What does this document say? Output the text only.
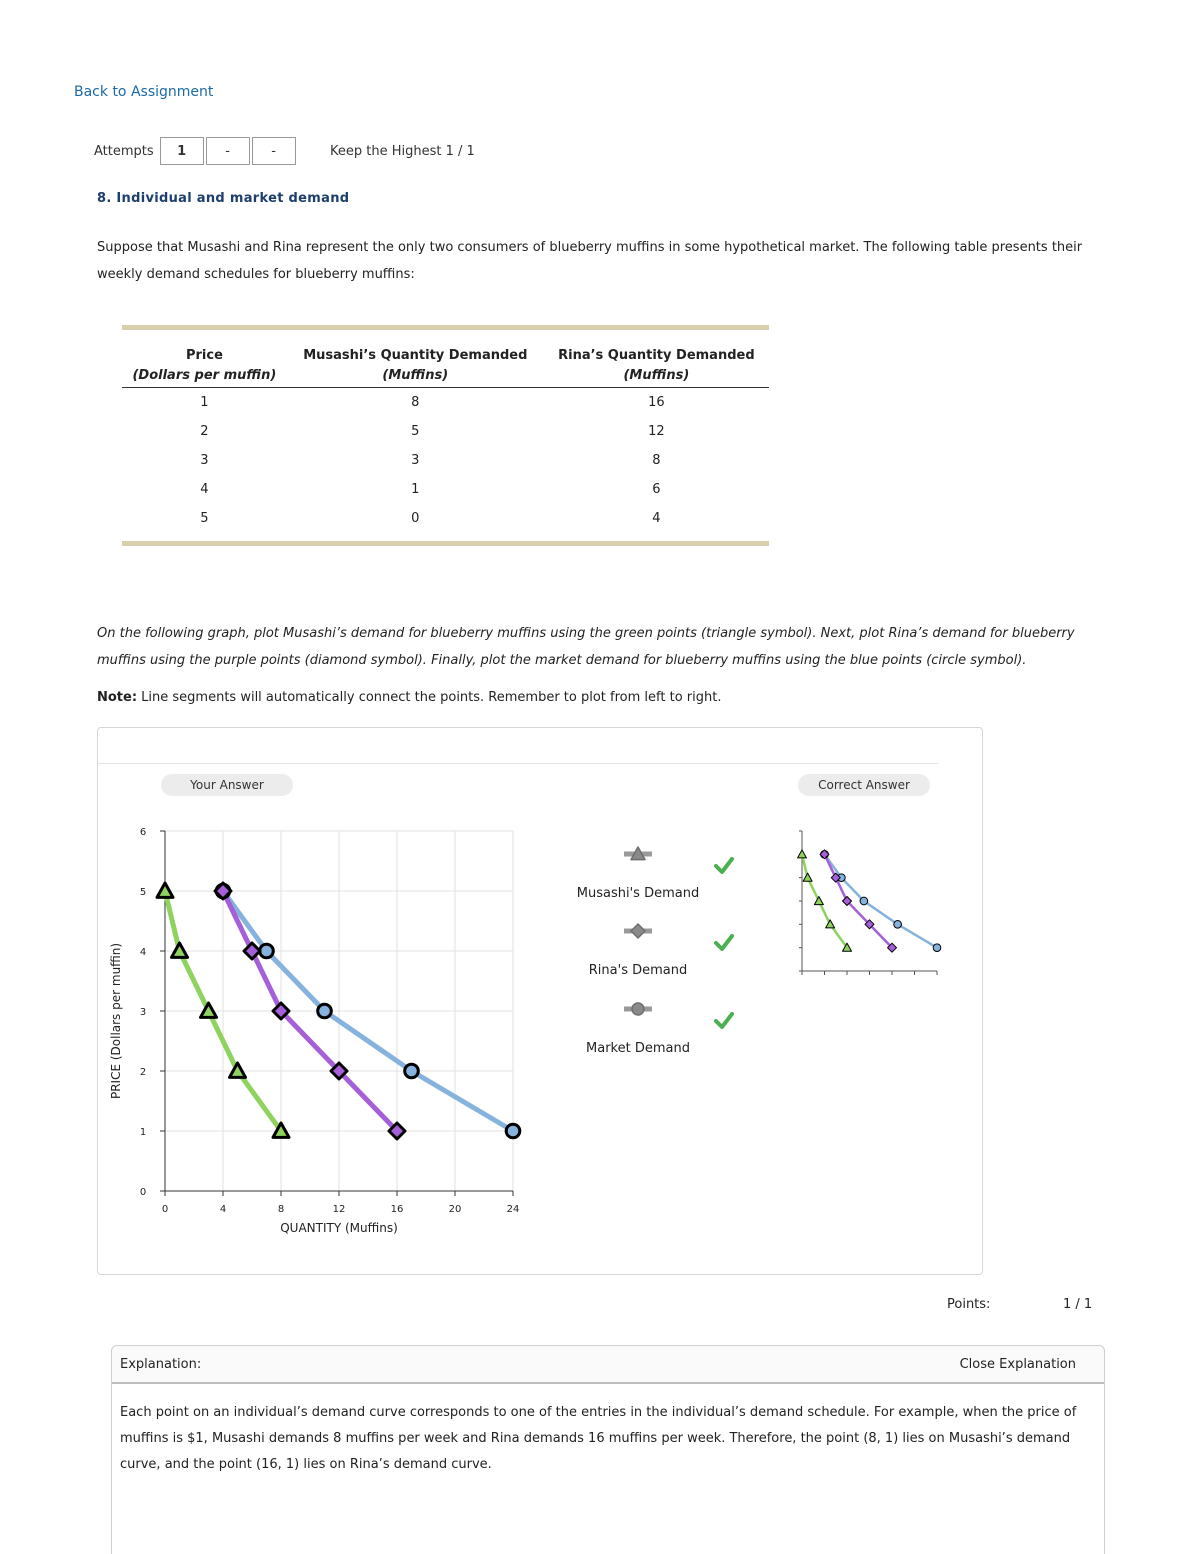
Back to Assignment
Attempts	1	-	-	Keep the Highest 1 / 1
8. Individual and market demand
Suppose that Musashi and Rina represent the only two consumers of blueberry muffins in some hypothetical market. The following table presents their weekly demand schedules for blueberry muffins:

Price	Musashi’s Quantity Demanded	Rina’s Quantity Demanded
(Dollars per muffin)	(Muffins)	(Muffins)
1	8	16
2	5	12
3	3	8
4	1	6
5	0	4

On the following graph, plot Musashi’s demand for blueberry muffins using the green points (triangle symbol). Next, plot Rina’s demand for blueberry muffins using the purple points (diamond symbol). Finally, plot the market demand for blueberry muffins using the blue points (circle symbol).
Note: Line segments will automatically connect the points. Remember to plot from left to right.
Your Answer	Correct Answer
0	4	8	12	16	20	24
0
1
2
3
4
5
6
QUANTITY (Muffins)
PRICE (Dollars per muffin)
Musashi's Demand
Rina's Demand
Market Demand
Points:	1 / 1
Explanation:	Close Explanation
Each point on an individual’s demand curve corresponds to one of the entries in the individual’s demand schedule. For example, when the price of muffins is $1, Musashi demands 8 muffins per week and Rina demands 16 muffins per week. Therefore, the point (8, 1) lies on Musashi’s demand curve, and the point (16, 1) lies on Rina’s demand curve.
